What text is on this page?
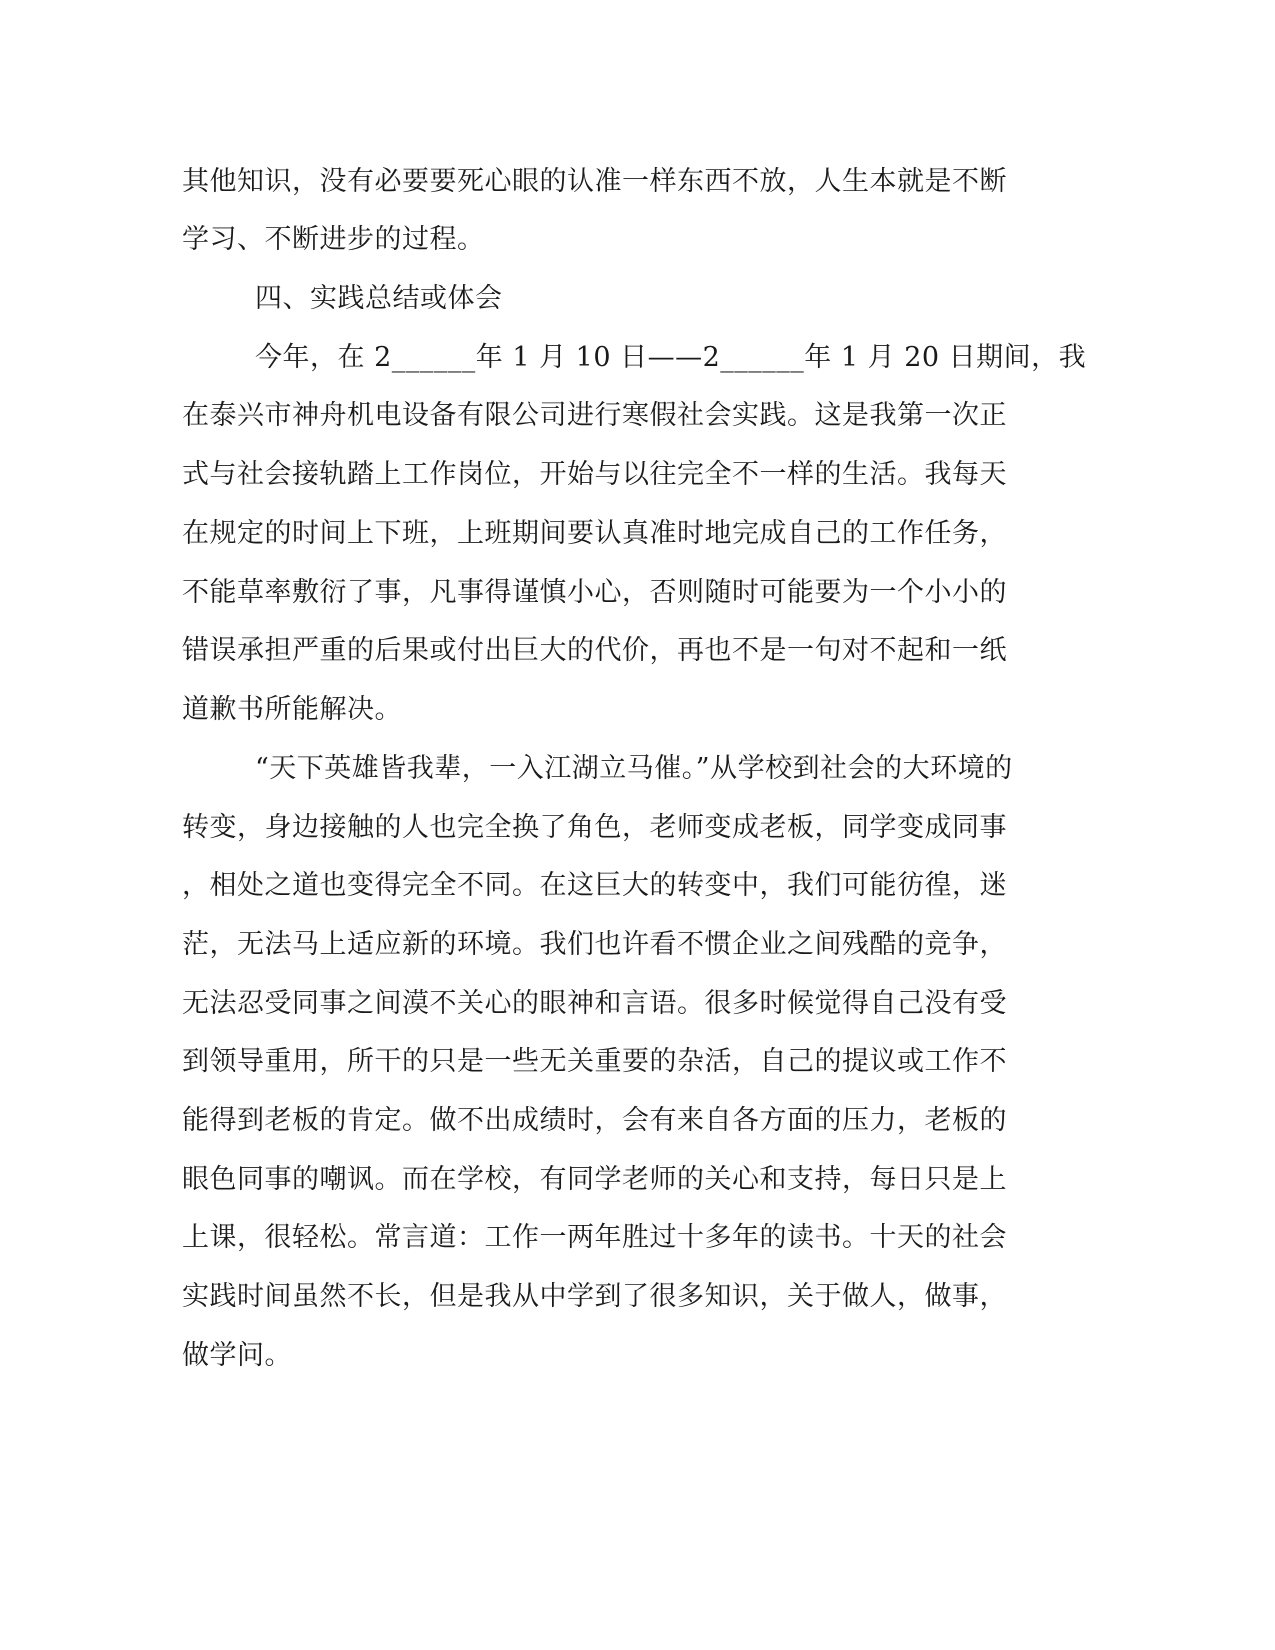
其他知识，没有必要要死心眼的认准一样东西不放，人生本就是不断
学习、不断进步的过程。
四、实践总结或体会
今年，在 2______年 1 月 10 日——2______年 1 月 20 日期间，我
在泰兴市神舟机电设备有限公司进行寒假社会实践。这是我第一次正
式与社会接轨踏上工作岗位，开始与以往完全不一样的生活。我每天
在规定的时间上下班，上班期间要认真准时地完成自己的工作任务，
不能草率敷衍了事，凡事得谨慎小心，否则随时可能要为一个小小的
错误承担严重的后果或付出巨大的代价，再也不是一句对不起和一纸
道歉书所能解决。
“天下英雄皆我辈，一入江湖立马催。”从学校到社会的大环境的
转变，身边接触的人也完全换了角色，老师变成老板，同学变成同事
，相处之道也变得完全不同。在这巨大的转变中，我们可能彷徨，迷
茫，无法马上适应新的环境。我们也许看不惯企业之间残酷的竞争，
无法忍受同事之间漠不关心的眼神和言语。很多时候觉得自己没有受
到领导重用，所干的只是一些无关重要的杂活，自己的提议或工作不
能得到老板的肯定。做不出成绩时，会有来自各方面的压力，老板的
眼色同事的嘲讽。而在学校，有同学老师的关心和支持，每日只是上
上课，很轻松。常言道：工作一两年胜过十多年的读书。十天的社会
实践时间虽然不长，但是我从中学到了很多知识，关于做人，做事，
做学问。
